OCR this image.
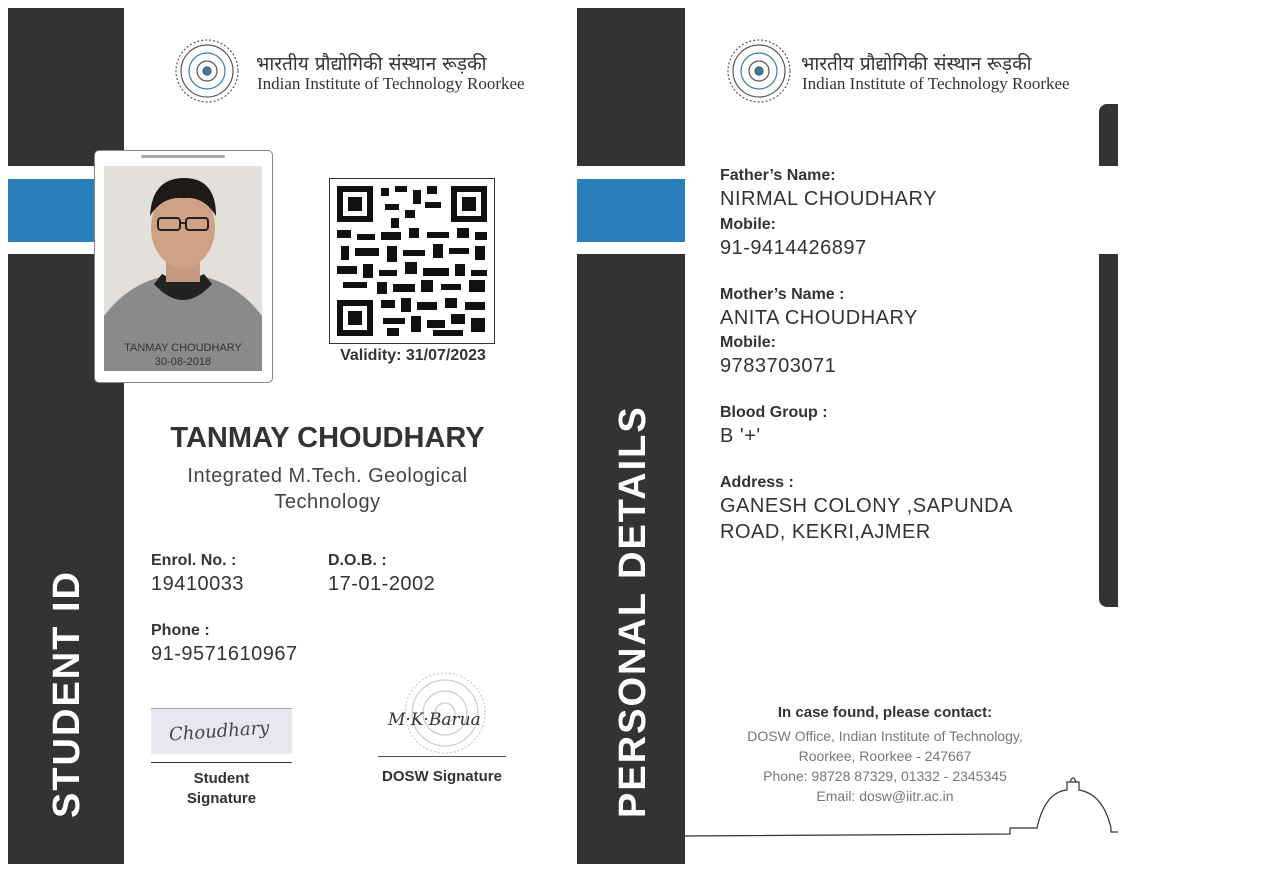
STUDENT ID
भारतीय प्रौद्योगिकी संस्थान रूड़की
Indian Institute of Technology Roorkee
TANMAY CHOUDHARY
30-08-2018	Validity: 31/07/2023
TANMAY CHOUDHARY
Integrated M.Tech. Geological
Technology
Enrol. No. :
19410033
D.O.B. :
17-01-2002
Phone :
91-9571610967
Choudhary
Student
Signature
M·K·Barua
DOSW Signature	PERSONAL DETAILS
भारतीय प्रौद्योगिकी संस्थान रूड़की
Indian Institute of Technology Roorkee
Father’s Name:
NIRMAL CHOUDHARY
Mobile:
91-9414426897
Mother’s Name :
ANITA CHOUDHARY
Mobile:
9783703071
Blood Group :
B '+'
Address :
GANESH COLONY ,SAPUNDA
ROAD, KEKRI,AJMER
In case found, please contact:
DOSW Office, Indian Institute of Technology,
Roorkee, Roorkee - 247667
Phone: 98728 87329, 01332 - 2345345
Email: dosw@iitr.ac.in
